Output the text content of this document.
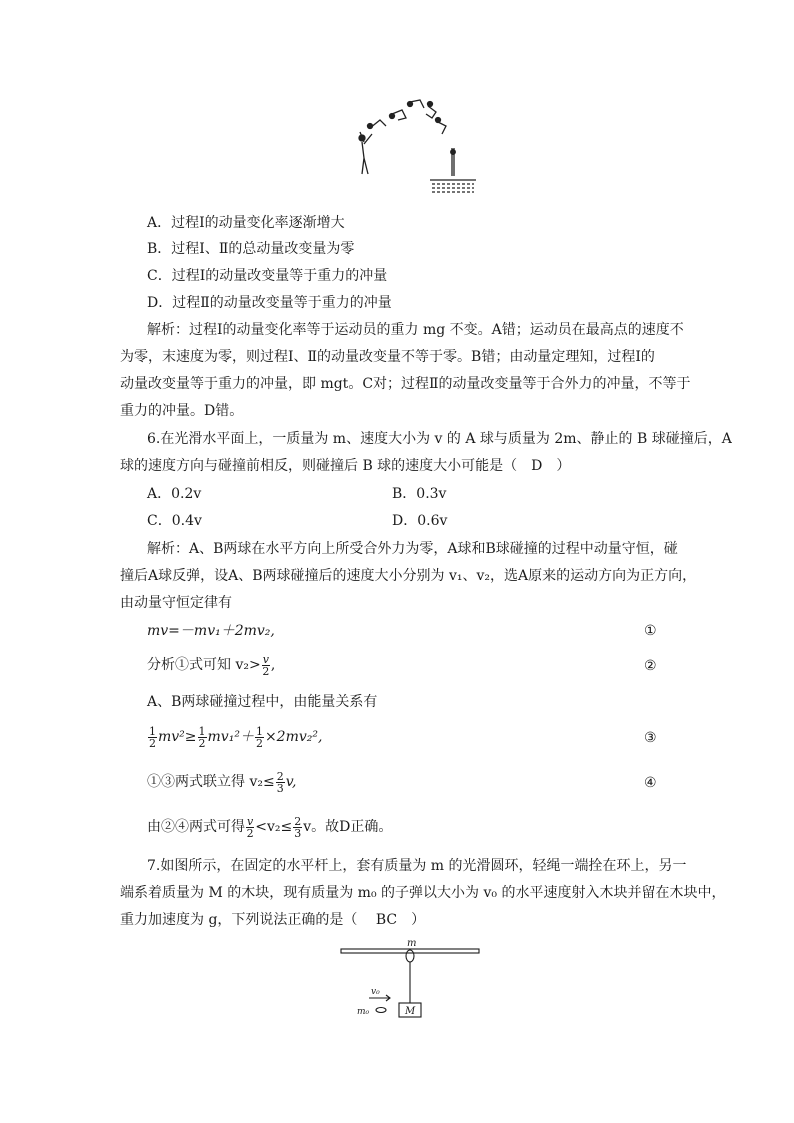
A．过程Ⅰ的动量变化率逐渐增大
B．过程Ⅰ、Ⅱ的总动量改变量为零
C．过程Ⅰ的动量改变量等于重力的冲量
D．过程Ⅱ的动量改变量等于重力的冲量
解析：过程Ⅰ的动量变化率等于运动员的重力 mg 不变。A错；运动员在最高点的速度不
为零，末速度为零，则过程Ⅰ、Ⅱ的动量改变量不等于零。B错；由动量定理知，过程Ⅰ的
动量改变量等于重力的冲量，即 mgt。C对；过程Ⅱ的动量改变量等于合外力的冲量，不等于
重力的冲量。D错。
6.在光滑水平面上，一质量为 m、速度大小为 v 的 A 球与质量为 2m、静止的 B 球碰撞后，A
球的速度方向与碰撞前相反，则碰撞后 B 球的速度大小可能是（　D　）
A．0.2v	B．0.3v
C．0.4v	D．0.6v
解析：A、B两球在水平方向上所受合外力为零，A球和B球碰撞的过程中动量守恒，碰
撞后A球反弹，设A、B两球碰撞后的速度大小分别为 v₁、v₂，选A原来的运动方向为正方向，
由动量守恒定律有
mv=－mv₁＋2mv₂,	①
分析①式可知 $v_2> \frac{v}{2}$ ,	②
A、B两球碰撞过程中，由能量关系有
$\frac{1}{2} mv^2\ge \frac{1}{2} mv_1^2+ \frac{1}{2} \times 2mv_2^2$,	③
①③两式联立得 $v_2\le \frac{2}{3} v$,	④
由②④两式可得 $\frac{v}{2} <v_2\le \frac{2}{3}$ v。故D正确。
7.如图所示，在固定的水平杆上，套有质量为 m 的光滑圆环，轻绳一端拴在环上，另一
端系着质量为 M 的木块，现有质量为 m₀ 的子弹以大小为 v₀ 的水平速度射入木块并留在木块中，
重力加速度为 g，下列说法正确的是（　 BC　）
m
v₀
m₀	M
